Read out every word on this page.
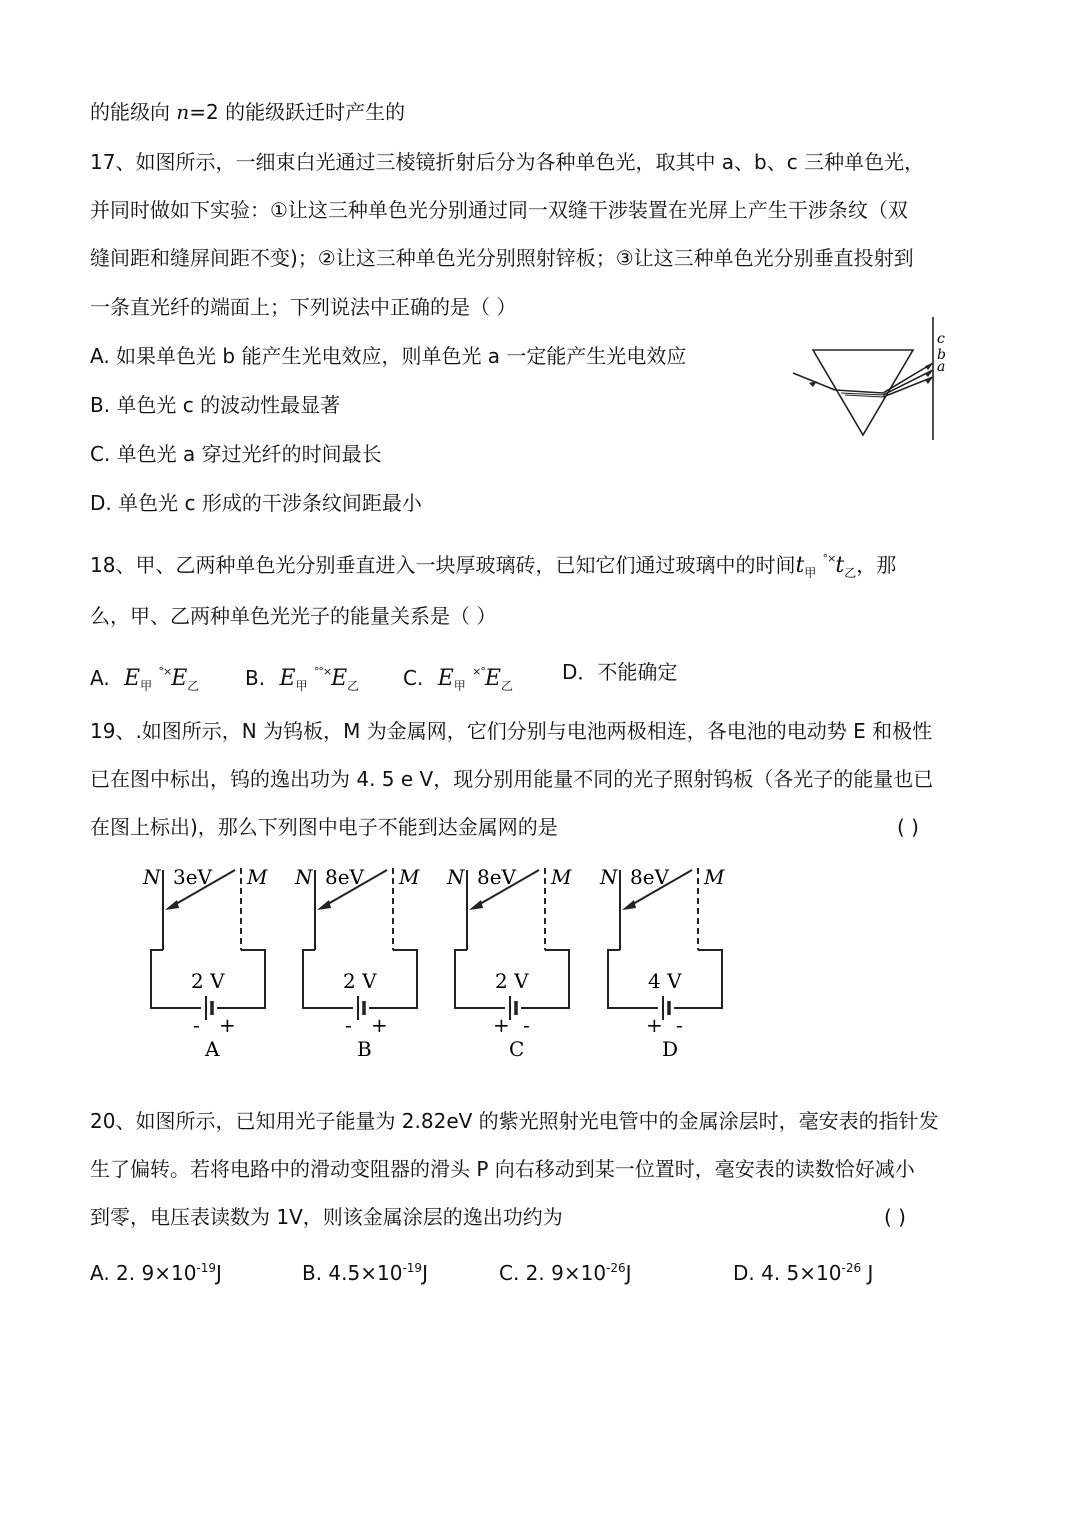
的能级向 n=2 的能级跃迁时产生的
17、如图所示，一细束白光通过三棱镜折射后分为各种单色光，取其中 a、b、c 三种单色光，
并同时做如下实验：①让这三种单色光分别通过同一双缝干涉装置在光屏上产生干涉条纹（双
缝间距和缝屏间距不变)；②让这三种单色光分别照射锌板；③让这三种单色光分别垂直投射到
一条直光纤的端面上；下列说法中正确的是（ ）
A. 如果单色光 b 能产生光电效应，则单色光 a 一定能产生光电效应
B. 单色光 c 的波动性最显著
C. 单色光 a 穿过光纤的时间最长
D. 单色光 c 形成的干涉条纹间距最小
c
b
a
18、甲、乙两种单色光分别垂直进入一块厚玻璃砖，已知它们通过玻璃中的时间$t_甲$ $^{^\circ\times}t_乙$，那
么，甲、乙两种单色光光子的能量关系是（ ）
A. $E_甲$ $^{^\circ\times}E_乙$ B. $E_甲$ $^{^\circ^\circ\times}E_乙$ C. $E_甲$ $^{\times^\circ}E_乙$
D．不能确定
19、.如图所示，N 为钨板，M 为金属网，它们分别与电池两极相连，各电池的电动势 E 和极性
已在图中标出，钨的逸出功为 4. 5 e V，现分别用能量不同的光子照射钨板（各光子的能量也已
在图上标出)，那么下列图中电子不能到达金属网的是	( )
N 3eV M
2 V
- +
A
N 8eV M
2 V
- +
B
N 8eV M
2 V
+ -
C
N 8eV M
4 V
+ -
D
20、如图所示，已知用光子能量为 2.82eV 的紫光照射光电管中的金属涂层时，毫安表的指针发
生了偏转。若将电路中的滑动变阻器的滑头 P 向右移动到某一位置时，毫安表的读数恰好减小
到零，电压表读数为 1V，则该金属涂层的逸出功约为	( )
A. 2. $9\times 10^{-19}J$	B. $4.5\times 10^{-19}J$	C. 2. $9\times 10^{-26}J$	D. 4. $5\times 10^{-26}$ J
